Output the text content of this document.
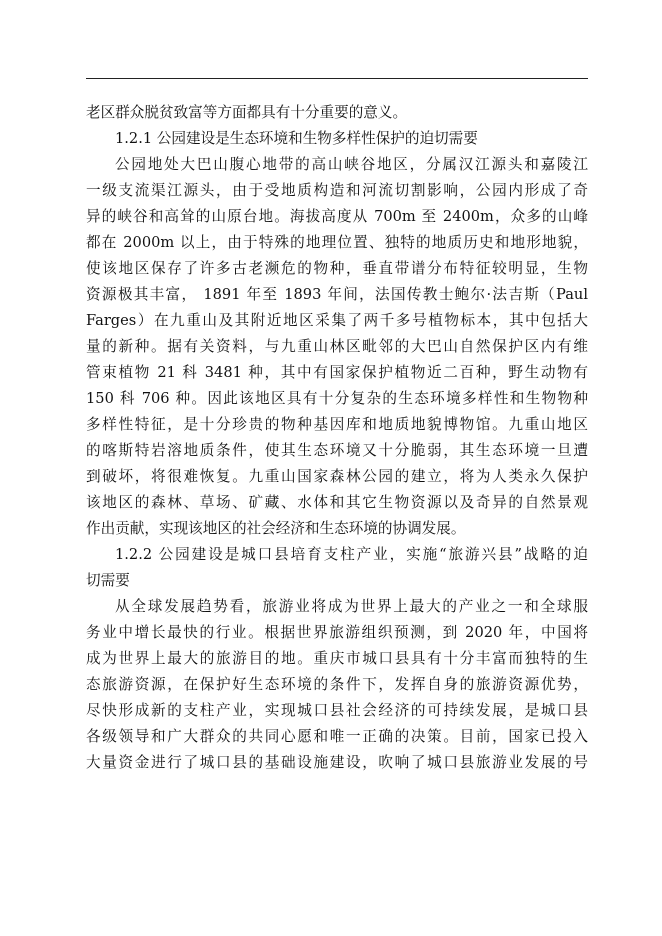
老区群众脱贫致富等方面都具有十分重要的意义。
1.2.1 公园建设是生态环境和生物多样性保护的迫切需要
公园地处大巴山腹心地带的高山峡谷地区，分属汉江源头和嘉陵江
一级支流渠江源头，由于受地质构造和河流切割影响，公园内形成了奇
异的峡谷和高耸的山原台地。海拔高度从 700m 至 2400m，众多的山峰
都在 2000m 以上，由于特殊的地理位置、独特的地质历史和地形地貌，
使该地区保存了许多古老濒危的物种，垂直带谱分布特征较明显，生物
资源极其丰富， 1891 年至 1893 年间，法国传教士鲍尔·法吉斯（Paul
Farges）在九重山及其附近地区采集了两千多号植物标本，其中包括大
量的新种。据有关资料，与九重山林区毗邻的大巴山自然保护区内有维
管束植物 21 科 3481 种，其中有国家保护植物近二百种，野生动物有
150 科 706 种。因此该地区具有十分复杂的生态环境多样性和生物物种
多样性特征，是十分珍贵的物种基因库和地质地貌博物馆。九重山地区
的喀斯特岩溶地质条件，使其生态环境又十分脆弱，其生态环境一旦遭
到破坏，将很难恢复。九重山国家森林公园的建立，将为人类永久保护
该地区的森林、草场、矿藏、水体和其它生物资源以及奇异的自然景观
作出贡献，实现该地区的社会经济和生态环境的协调发展。
1.2.2 公园建设是城口县培育支柱产业，实施“旅游兴县”战略的迫
切需要
从全球发展趋势看，旅游业将成为世界上最大的产业之一和全球服
务业中增长最快的行业。根据世界旅游组织预测，到 2020 年，中国将
成为世界上最大的旅游目的地。重庆市城口县具有十分丰富而独特的生
态旅游资源，在保护好生态环境的条件下，发挥自身的旅游资源优势，
尽快形成新的支柱产业，实现城口县社会经济的可持续发展，是城口县
各级领导和广大群众的共同心愿和唯一正确的决策。目前，国家已投入
大量资金进行了城口县的基础设施建设，吹响了城口县旅游业发展的号
